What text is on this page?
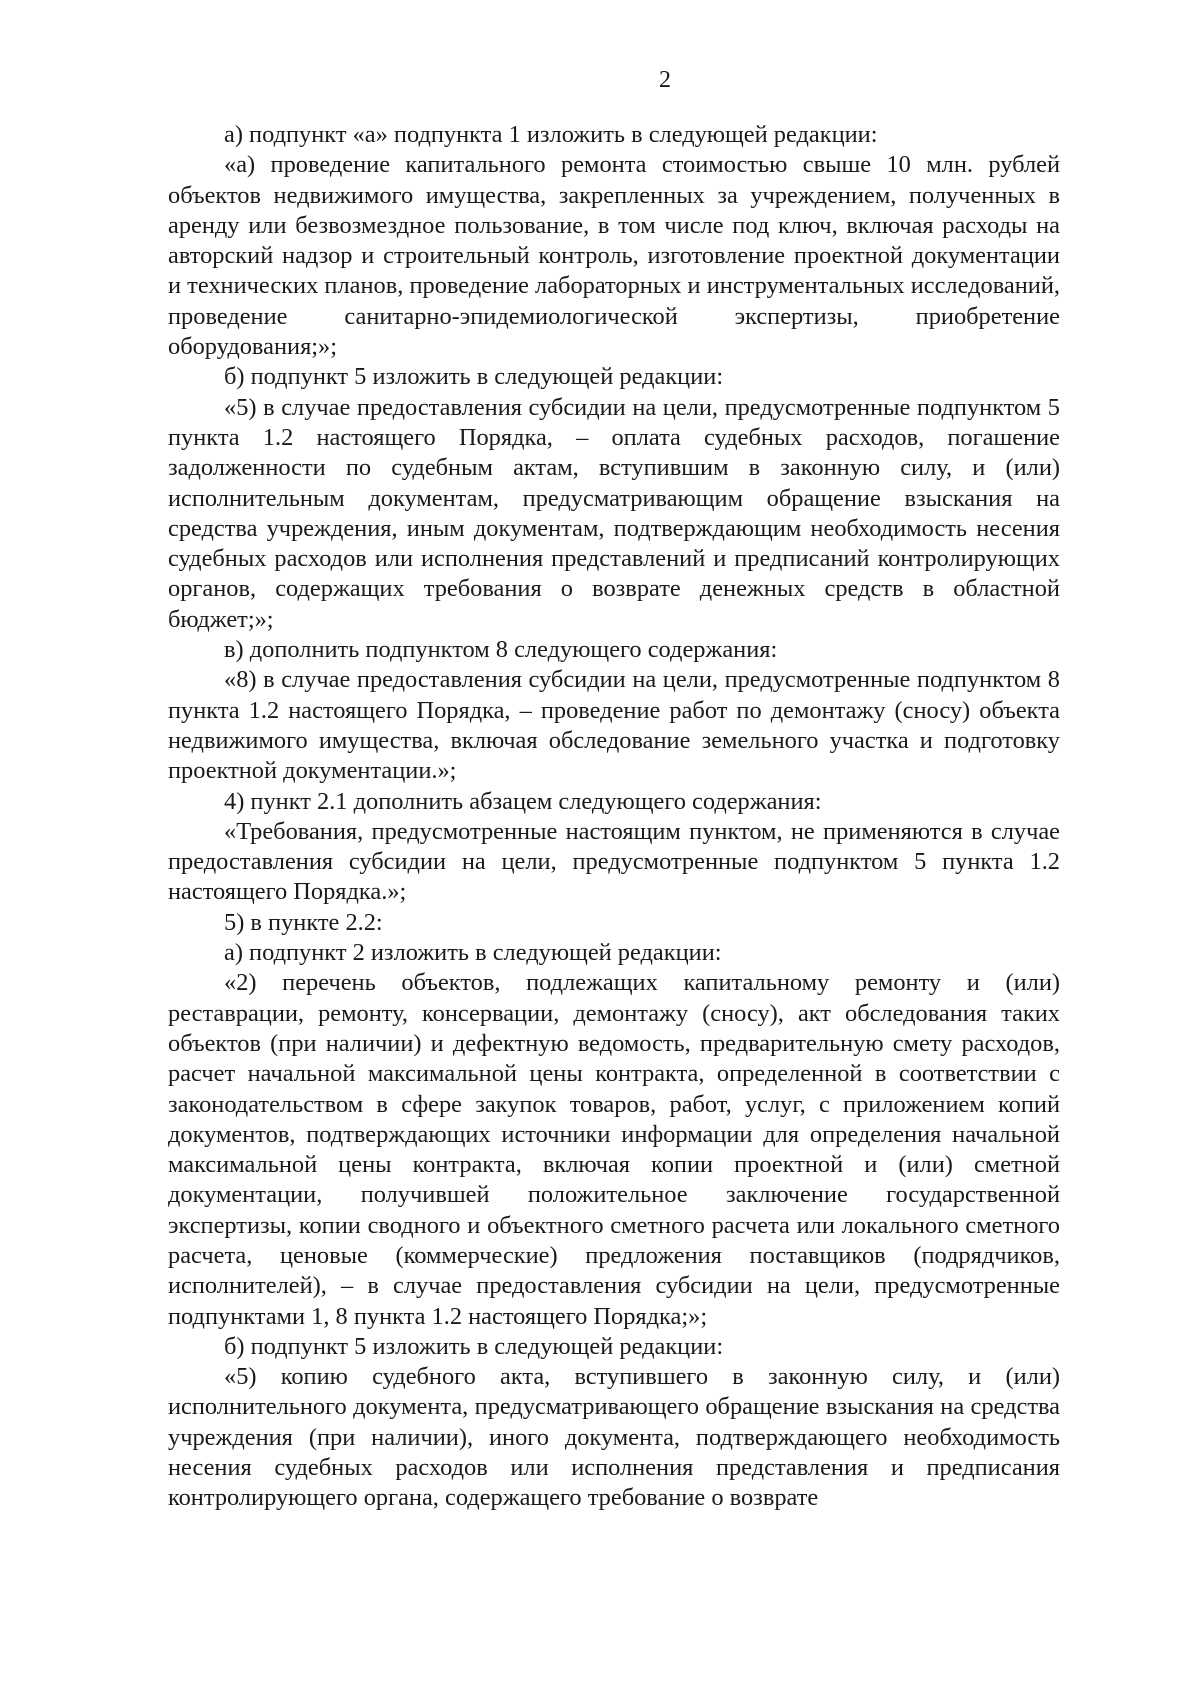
2

а) подпункт «а» подпункта 1 изложить в следующей редакции:

«а) проведение капитального ремонта стоимостью свыше 10 млн. рублей объектов недвижимого имущества, закрепленных за учреждением, полученных в аренду или безвозмездное пользование, в том числе под ключ, включая расходы на авторский надзор и строительный контроль, изготовление проектной документации и технических планов, проведение лабораторных и инструментальных исследований, проведение санитарно-эпидемиологической экспертизы, приобретение оборудования;»;

б) подпункт 5 изложить в следующей редакции:

«5) в случае предоставления субсидии на цели, предусмотренные подпунктом 5 пункта 1.2 настоящего Порядка, – оплата судебных расходов, погашение задолженности по судебным актам, вступившим в законную силу, и (или) исполнительным документам, предусматривающим обращение взыскания на средства учреждения, иным документам, подтверждающим необходимость несения судебных расходов или исполнения представлений и предписаний контролирующих органов, содержащих требования о возврате денежных средств в областной бюджет;»;

в) дополнить подпунктом 8 следующего содержания:

«8) в случае предоставления субсидии на цели, предусмотренные подпунктом 8 пункта 1.2 настоящего Порядка, – проведение работ по демонтажу (сносу) объекта недвижимого имущества, включая обследование земельного участка и подготовку проектной документации.»;

4) пункт 2.1 дополнить абзацем следующего содержания:

«Требования, предусмотренные настоящим пунктом, не применяются в случае предоставления субсидии на цели, предусмотренные подпунктом 5 пункта 1.2 настоящего Порядка.»;

5) в пункте 2.2:

а) подпункт 2 изложить в следующей редакции:

«2) перечень объектов, подлежащих капитальному ремонту и (или) реставрации, ремонту, консервации, демонтажу (сносу), акт обследования таких объектов (при наличии) и дефектную ведомость, предварительную смету расходов, расчет начальной максимальной цены контракта, определенной в соответствии с законодательством в сфере закупок товаров, работ, услуг, с приложением копий документов, подтверждающих источники информации для определения начальной максимальной цены контракта, включая копии проектной и (или) сметной документации, получившей положительное заключение государственной экспертизы, копии сводного и объектного сметного расчета или локального сметного расчета, ценовые (коммерческие) предложения поставщиков (подрядчиков, исполнителей), – в случае предоставления субсидии на цели, предусмотренные подпунктами 1, 8 пункта 1.2 настоящего Порядка;»;

б) подпункт 5 изложить в следующей редакции:

«5) копию судебного акта, вступившего в законную силу, и (или) исполнительного документа, предусматривающего обращение взыскания на средства учреждения (при наличии), иного документа, подтверждающего необходимость несения судебных расходов или исполнения представления и предписания контролирующего органа, содержащего требование о возврате
